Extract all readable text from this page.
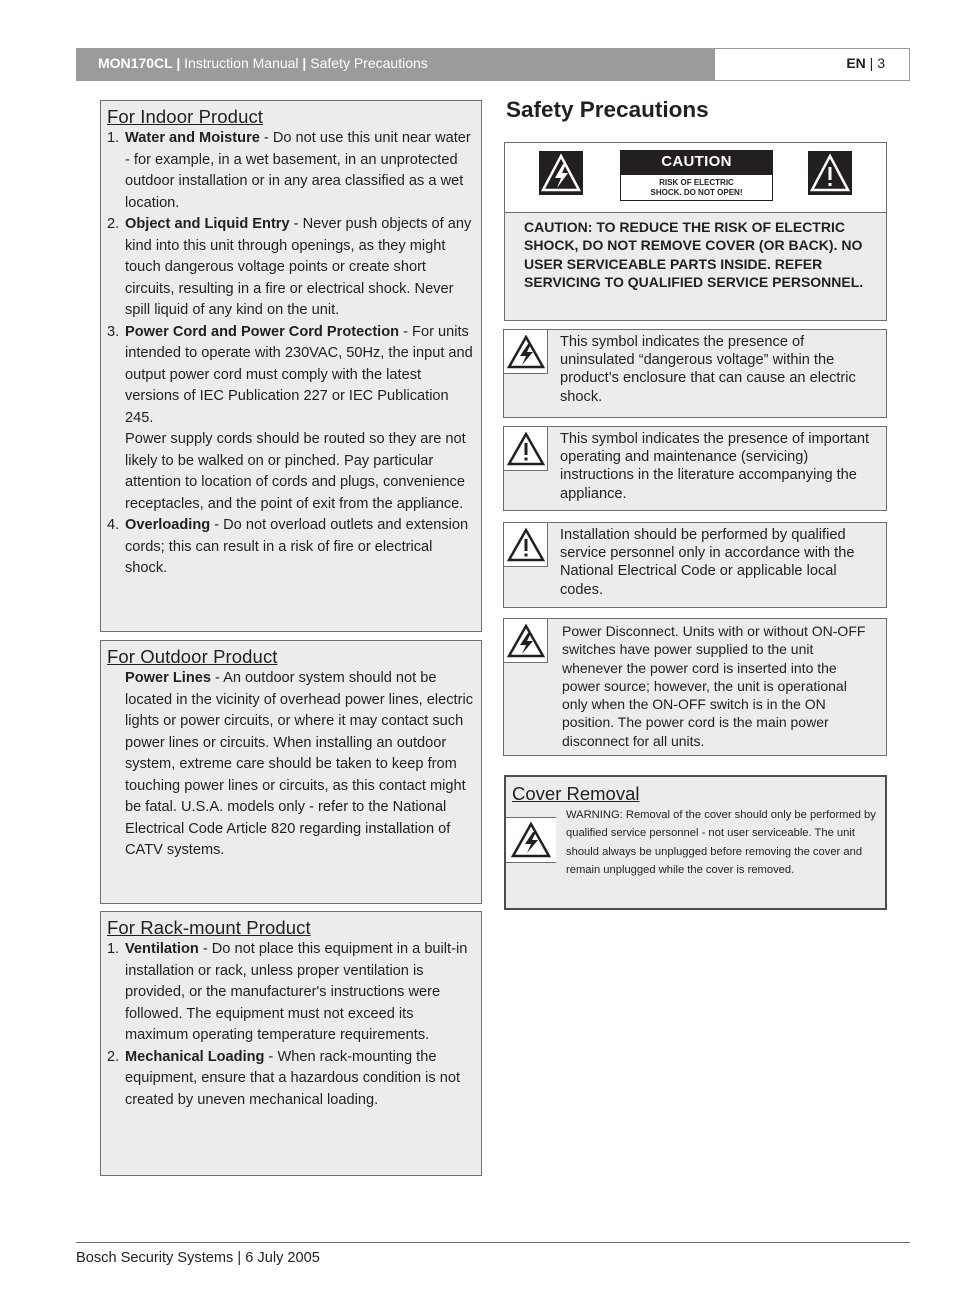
MON170CL | Instruction Manual | Safety Precautions	EN | 3
For Indoor Product
1. Water and Moisture - Do not use this unit near water - for example, in a wet basement, in an unprotected outdoor installation or in any area classified as a wet location.
2. Object and Liquid Entry - Never push objects of any kind into this unit through openings, as they might touch dangerous voltage points or create short circuits, resulting in a fire or electrical shock. Never spill liquid of any kind on the unit.
3. Power Cord and Power Cord Protection - For units intended to operate with 230VAC, 50Hz, the input and output power cord must comply with the latest versions of IEC Publication 227 or IEC Publication 245.
Power supply cords should be routed so they are not likely to be walked on or pinched. Pay particular attention to location of cords and plugs, convenience receptacles, and the point of exit from the appliance.
4. Overloading - Do not overload outlets and extension cords; this can result in a risk of fire or electrical shock.
For Outdoor Product
Power Lines - An outdoor system should not be located in the vicinity of overhead power lines, electric lights or power circuits, or where it may contact such power lines or circuits. When installing an outdoor system, extreme care should be taken to keep from touching power lines or circuits, as this contact might be fatal. U.S.A. models only - refer to the National Electrical Code Article 820 regarding installation of CATV systems.
For Rack-mount Product
1. Ventilation - Do not place this equipment in a built-in installation or rack, unless proper ventilation is provided, or the manufacturer's instructions were followed. The equipment must not exceed its maximum operating temperature requirements.
2. Mechanical Loading - When rack-mounting the equipment, ensure that a hazardous condition is not created by uneven mechanical loading.
Safety Precautions
CAUTION
RISK OF ELECTRIC
SHOCK. DO NOT OPEN!
CAUTION: TO REDUCE THE RISK OF ELECTRIC SHOCK, DO NOT REMOVE COVER (OR BACK). NO USER SERVICEABLE PARTS INSIDE. REFER SERVICING TO QUALIFIED SERVICE PERSONNEL.
This symbol indicates the presence of uninsulated “dangerous voltage” within the product’s enclosure that can cause an electric shock.
This symbol indicates the presence of important operating and maintenance (servicing) instructions in the literature accompanying the appliance.
Installation should be performed by qualified service personnel only in accordance with the National Electrical Code or applicable local codes.
Power Disconnect. Units with or without ON-OFF switches have power supplied to the unit whenever the power cord is inserted into the power source; however, the unit is operational only when the ON-OFF switch is in the ON position. The power cord is the main power disconnect for all units.
Cover Removal
WARNING: Removal of the cover should only be performed by qualified service personnel - not user serviceable. The unit should always be unplugged before removing the cover and remain unplugged while the cover is removed.
Bosch Security Systems | 6 July 2005
